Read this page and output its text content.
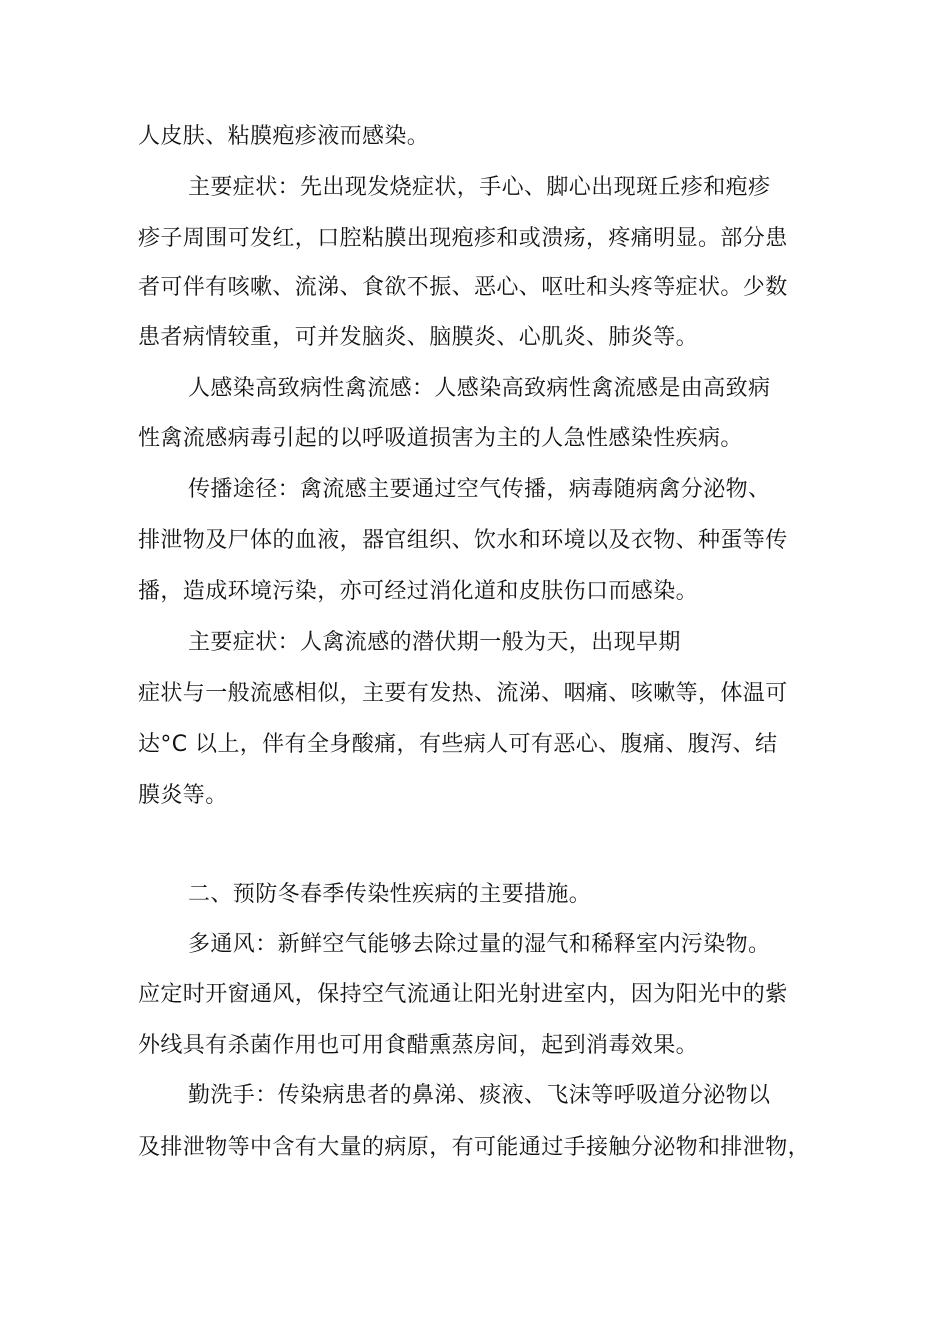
人皮肤、粘膜疱疹液而感染。
主要症状：先出现发烧症状，手心、脚心出现斑丘疹和疱疹
疹子周围可发红，口腔粘膜出现疱疹和或溃疡，疼痛明显。部分患
者可伴有咳嗽、流涕、食欲不振、恶心、呕吐和头疼等症状。少数
患者病情较重，可并发脑炎、脑膜炎、心肌炎、肺炎等。
人感染高致病性禽流感：人感染高致病性禽流感是由高致病
性禽流感病毒引起的以呼吸道损害为主的人急性感染性疾病。
传播途径：禽流感主要通过空气传播，病毒随病禽分泌物、
排泄物及尸体的血液，器官组织、饮水和环境以及衣物、种蛋等传
播，造成环境污染，亦可经过消化道和皮肤伤口而感染。
主要症状：人禽流感的潜伏期一般为天，出现早期
症状与一般流感相似，主要有发热、流涕、咽痛、咳嗽等，体温可
达°C 以上，伴有全身酸痛，有些病人可有恶心、腹痛、腹泻、结
膜炎等。
二、预防冬春季传染性疾病的主要措施。
多通风：新鲜空气能够去除过量的湿气和稀释室内污染物。
应定时开窗通风，保持空气流通让阳光射进室内，因为阳光中的紫
外线具有杀菌作用也可用食醋熏蒸房间，起到消毒效果。
勤洗手：传染病患者的鼻涕、痰液、飞沫等呼吸道分泌物以
及排泄物等中含有大量的病原，有可能通过手接触分泌物和排泄物，
